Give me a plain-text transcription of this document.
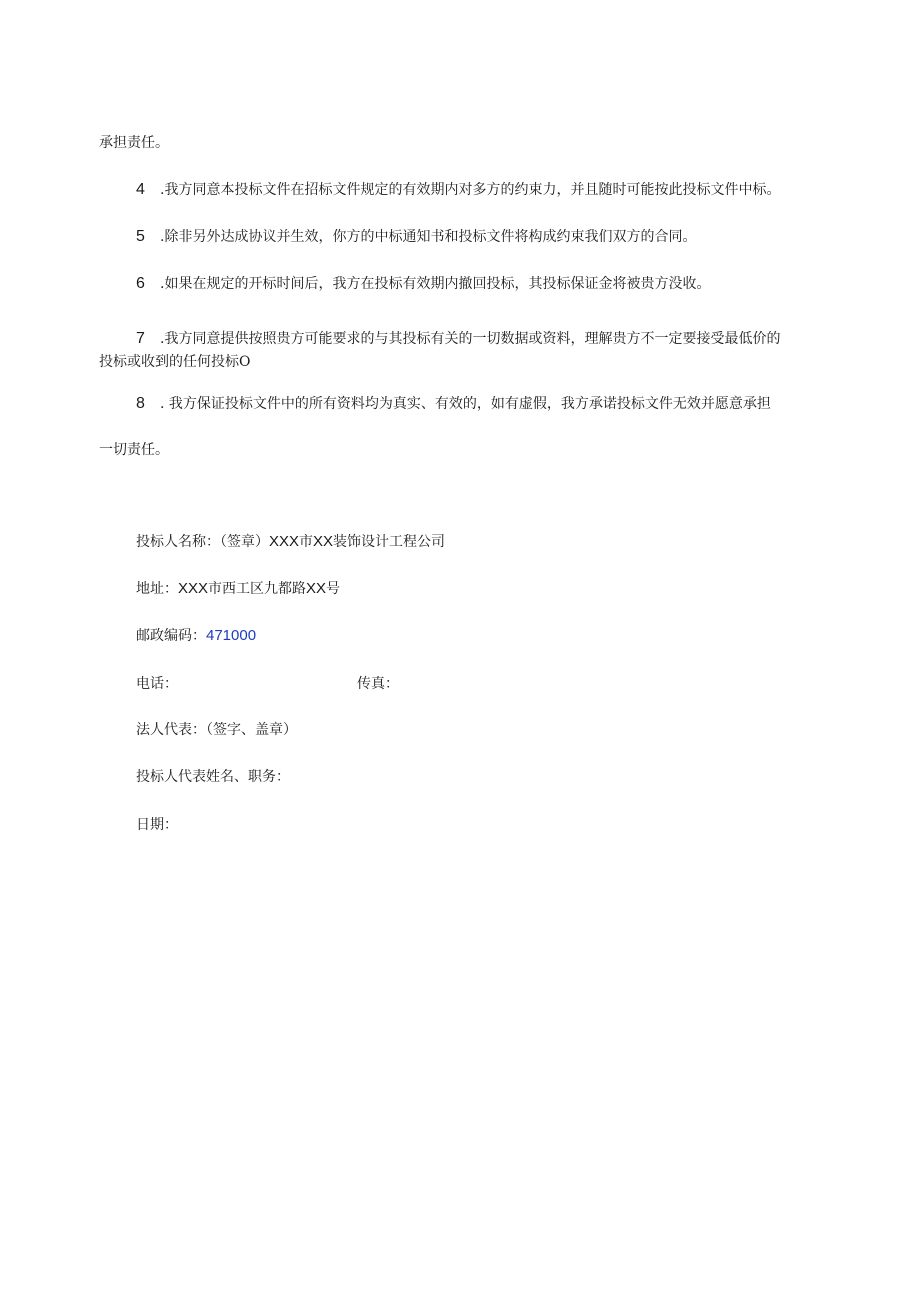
承担责任。
4 .我方同意本投标文件在招标文件规定的有效期内对多方的约束力，并且随时可能按此投标文件中标。
5 .除非另外达成协议并生效，你方的中标通知书和投标文件将构成约束我们双方的合同。
6 .如果在规定的开标时间后，我方在投标有效期内撤回投标，其投标保证金将被贵方没收。
7 .我方同意提供按照贵方可能要求的与其投标有关的一切数据或资料，理解贵方不一定要接受最低价的
投标或收到的任何投标O
8 . 我方保证投标文件中的所有资料均为真实、有效的，如有虚假，我方承诺投标文件无效并愿意承担
一切责任。
投标人名称：（签章）XXX市XX装饰设计工程公司
地址：XXX市西工区九都路XX号
邮政编码：471000
电话：	传真：
法人代表：（签字、盖章）
投标人代表姓名、职务：
日期：
